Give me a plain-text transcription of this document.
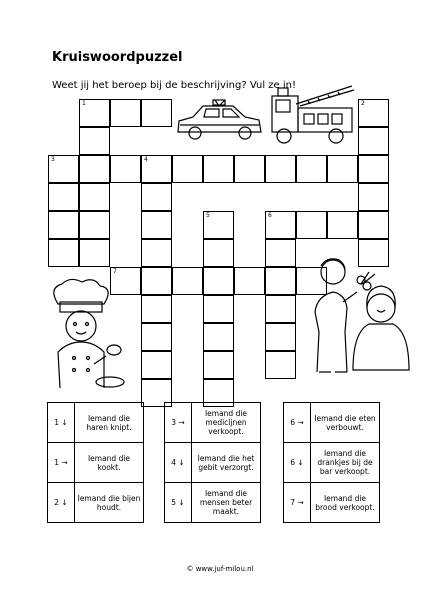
Kruiswoordpuzzel
Weet jij het beroep bij de beschrijving? Vul ze in!
1	2
3	4
5	6
7
1 ↓	Iemand die haren knipt.
1 →	Iemand die kookt.
2 ↓	Iemand die bijen houdt.
3 →	Iemand die medicijnen verkoopt.
4 ↓	Iemand die het gebit verzorgt.
5 ↓	Iemand die mensen beter maakt.
6 →	Iemand die eten verbouwt.
6 ↓	Iemand die drankjes bij de bar verkoopt.
7 →	Iemand die brood verkoopt.
© www.juf-milou.nl
